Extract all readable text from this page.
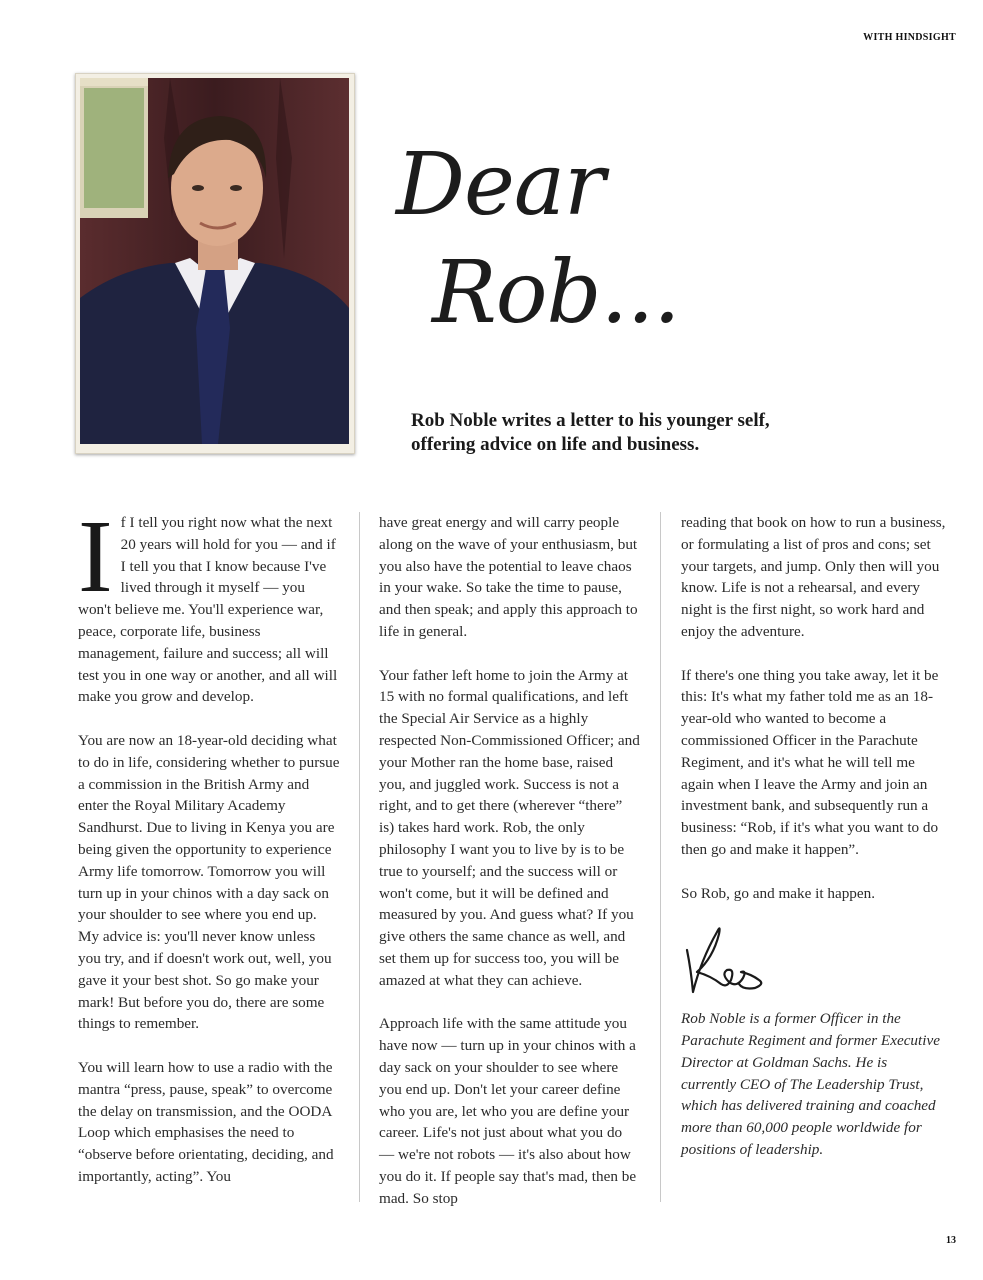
WITH HINDSIGHT
Dear
Rob...
Rob Noble writes a letter to his younger self,
offering advice on life and business.

If I tell you right now what the next 20 years will hold for you — and if I tell you that I know because I've lived through it myself — you won't believe me. You'll experience war, peace, corporate life, business management, failure and success; all will test you in one way or another, and all will make you grow and develop.

You are now an 18-year-old deciding what to do in life, considering whether to pursue a commission in the British Army and enter the Royal Military Academy Sandhurst. Due to living in Kenya you are being given the opportunity to experience Army life tomorrow. Tomorrow you will turn up in your chinos with a day sack on your shoulder to see where you end up. My advice is: you'll never know unless you try, and if doesn't work out, well, you gave it your best shot. So go make your mark! But before you do, there are some things to remember.

You will learn how to use a radio with the mantra “press, pause, speak” to overcome the delay on transmission, and the OODA Loop which emphasises the need to “observe before orientating, deciding, and importantly, acting”. You

have great energy and will carry people along on the wave of your enthusiasm, but you also have the potential to leave chaos in your wake. So take the time to pause, and then speak; and apply this approach to life in general.

Your father left home to join the Army at 15 with no formal qualifications, and left the Special Air Service as a highly respected Non-Commissioned Officer; and your Mother ran the home base, raised you, and juggled work. Success is not a right, and to get there (wherever “there” is) takes hard work. Rob, the only philosophy I want you to live by is to be true to yourself; and the success will or won't come, but it will be defined and measured by you. And guess what? If you give others the same chance as well, and set them up for success too, you will be amazed at what they can achieve.

Approach life with the same attitude you have now — turn up in your chinos with a day sack on your shoulder to see where you end up. Don't let your career define who you are, let who you are define your career. Life's not just about what you do — we're not robots — it's also about how you do it. If people say that's mad, then be mad. So stop

reading that book on how to run a business, or formulating a list of pros and cons; set your targets, and jump. Only then will you know. Life is not a rehearsal, and every night is the first night, so work hard and enjoy the adventure.

If there's one thing you take away, let it be this: It's what my father told me as an 18-year-old who wanted to become a commissioned Officer in the Parachute Regiment, and it's what he will tell me again when I leave the Army and join an investment bank, and subsequently run a business: “Rob, if it's what you want to do then go and make it happen”.

So Rob, go and make it happen.

Rob Noble is a former Officer in the Parachute Regiment and former Executive Director at Goldman Sachs. He is currently CEO of The Leadership Trust, which has delivered training and coached more than 60,000 people worldwide for positions of leadership.

13
